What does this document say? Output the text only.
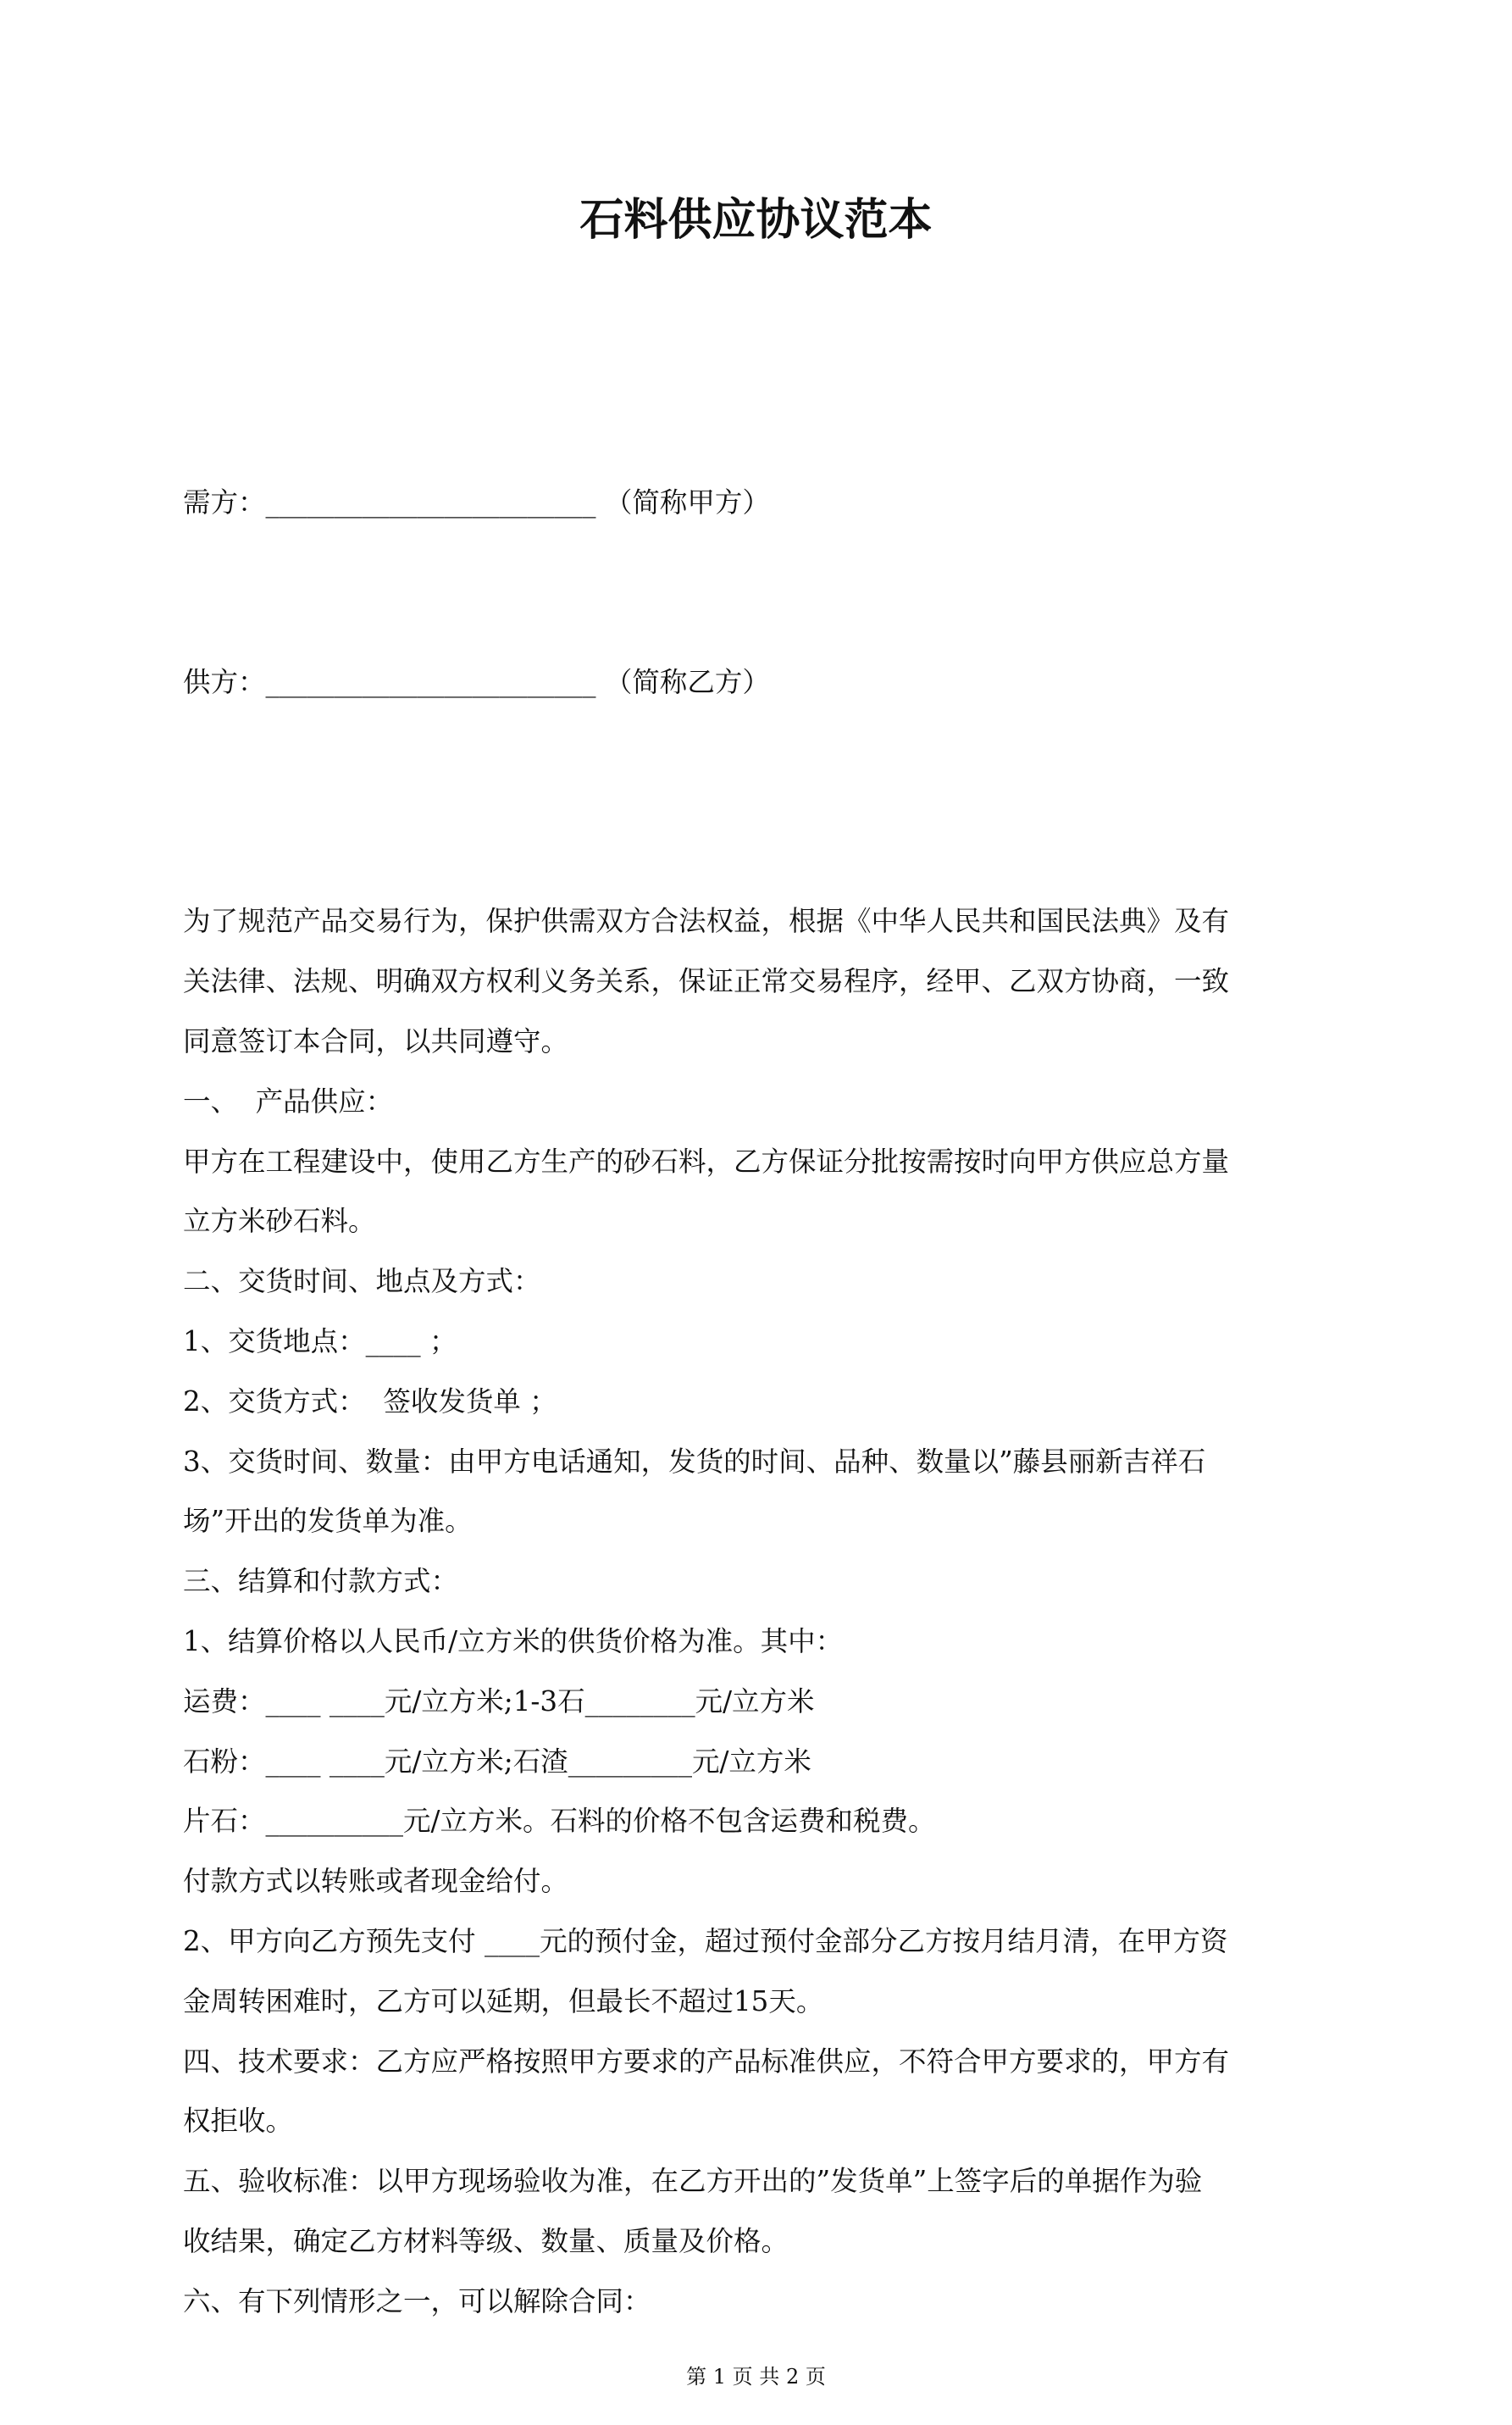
石料供应协议范本

需方：________________________ （简称甲方）

供方：________________________ （简称乙方）

为了规范产品交易行为，保护供需双方合法权益，根据《中华人民共和国民法典》及有
关法律、法规、明确双方权利义务关系，保证正常交易程序，经甲、乙双方协商，一致
同意签订本合同，以共同遵守。
一、  产品供应：
甲方在工程建设中，使用乙方生产的砂石料，乙方保证分批按需按时向甲方供应总方量
立方米砂石料。
二、交货时间、地点及方式：
1、交货地点：____ ；
2、交货方式：  签收发货单 ；
3、交货时间、数量：由甲方电话通知，发货的时间、品种、数量以”藤县丽新吉祥石
场”开出的发货单为准。
三、结算和付款方式：
1、结算价格以人民币/立方米的供货价格为准。其中：
运费：____ ____元/立方米;1-3石________元/立方米
石粉：____ ____元/立方米;石渣_________元/立方米
片石：__________元/立方米。石料的价格不包含运费和税费。
付款方式以转账或者现金给付。
2、甲方向乙方预先支付 ____元的预付金，超过预付金部分乙方按月结月清，在甲方资
金周转困难时，乙方可以延期，但最长不超过15天。
四、技术要求：乙方应严格按照甲方要求的产品标准供应，不符合甲方要求的，甲方有
权拒收。
五、验收标准：以甲方现场验收为准，在乙方开出的”发货单”上签字后的单据作为验
收结果，确定乙方材料等级、数量、质量及价格。
六、有下列情形之一，可以解除合同：
第 1 页 共 2 页
